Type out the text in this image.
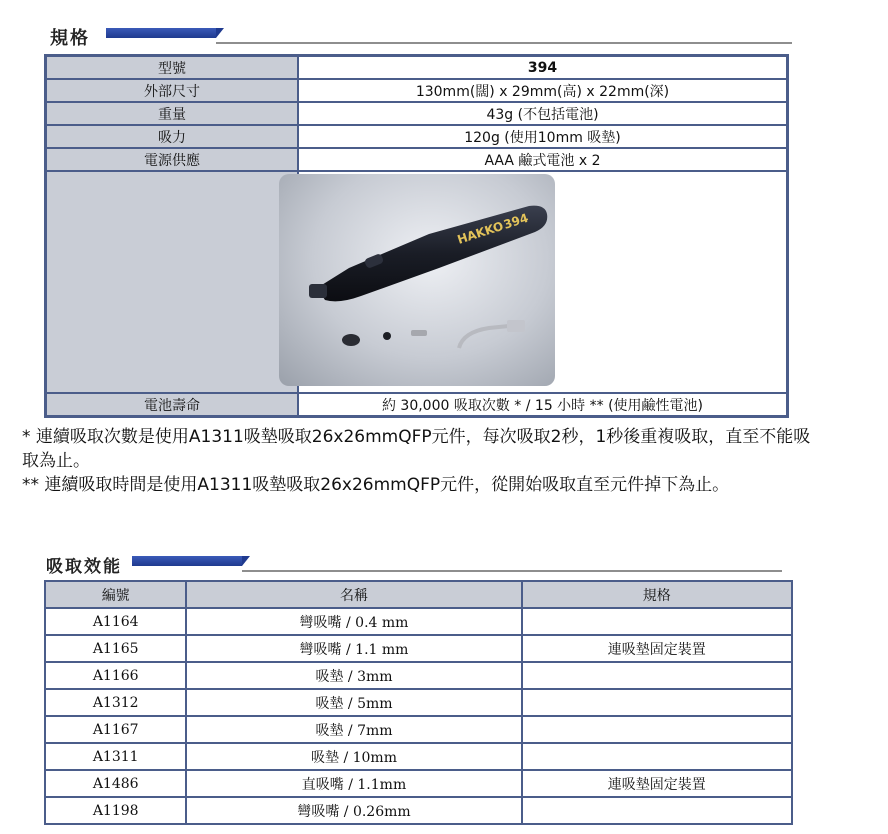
規格
型號	394
外部尺寸	130mm(闊) x 29mm(高) x 22mm(深)
重量	43g (不包括電池)
吸力	120g (使用10mm 吸墊)
電源供應	AAA 鹼式電池 x 2

HAKKO394

電池壽命	約 30,000 吸取次數 * / 15 小時 ** (使用鹼性電池)

* 連續吸取次數是使用A1311吸墊吸取26x26mmQFP元件，每次吸取2秒，1秒後重複吸取，直至不能吸取為止。

** 連續吸取時間是使用A1311吸墊吸取26x26mmQFP元件，從開始吸取直至元件掉下為止。

吸取效能
編號	名稱	規格
A1164	彎吸嘴 / 0.4 mm	
A1165	彎吸嘴 / 1.1 mm	連吸墊固定裝置
A1166	吸墊 / 3mm	
A1312	吸墊 / 5mm	
A1167	吸墊 / 7mm	
A1311	吸墊 / 10mm	
A1486	直吸嘴 / 1.1mm	連吸墊固定裝置
A1198	彎吸嘴 / 0.26mm	
